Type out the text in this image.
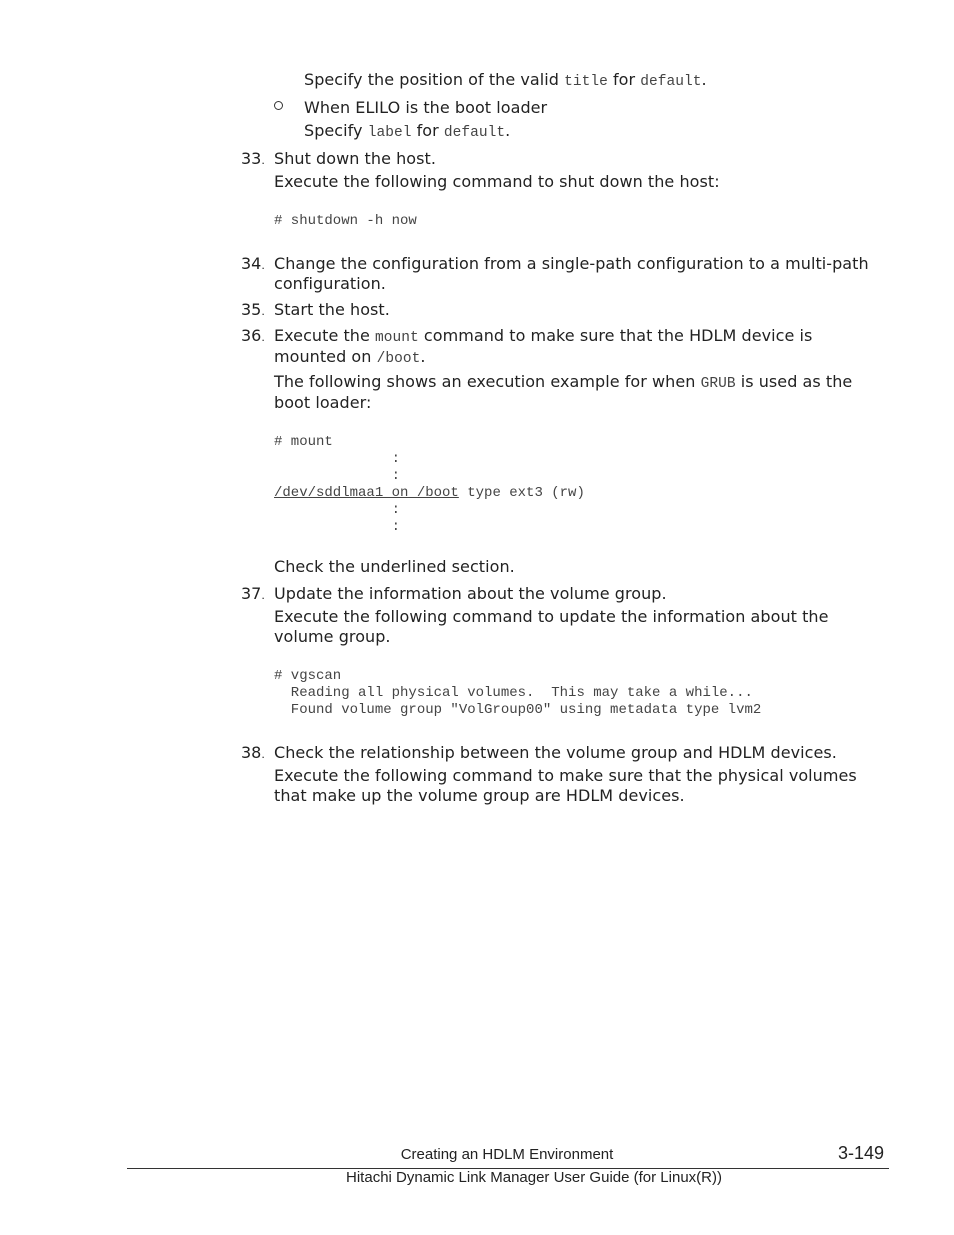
Specify the position of the valid title for default.
When ELILO is the boot loader
Specify label for default.
33. Shut down the host.
Execute the following command to shut down the host:
# shutdown -h now
34. Change the configuration from a single-path configuration to a multi-path
configuration.
35. Start the host.
36. Execute the mount command to make sure that the HDLM device is
mounted on /boot.
The following shows an execution example for when GRUB is used as the
boot loader:
# mount
:
:
/dev/sddlmaa1 on /boot type ext3 (rw)
:
:
Check the underlined section.
37. Update the information about the volume group.
Execute the following command to update the information about the
volume group.
# vgscan
Reading all physical volumes.  This may take a while...
Found volume group "VolGroup00" using metadata type lvm2
38. Check the relationship between the volume group and HDLM devices.
Execute the following command to make sure that the physical volumes
that make up the volume group are HDLM devices.
Creating an HDLM Environment	3-149
Hitachi Dynamic Link Manager User Guide (for Linux(R))
